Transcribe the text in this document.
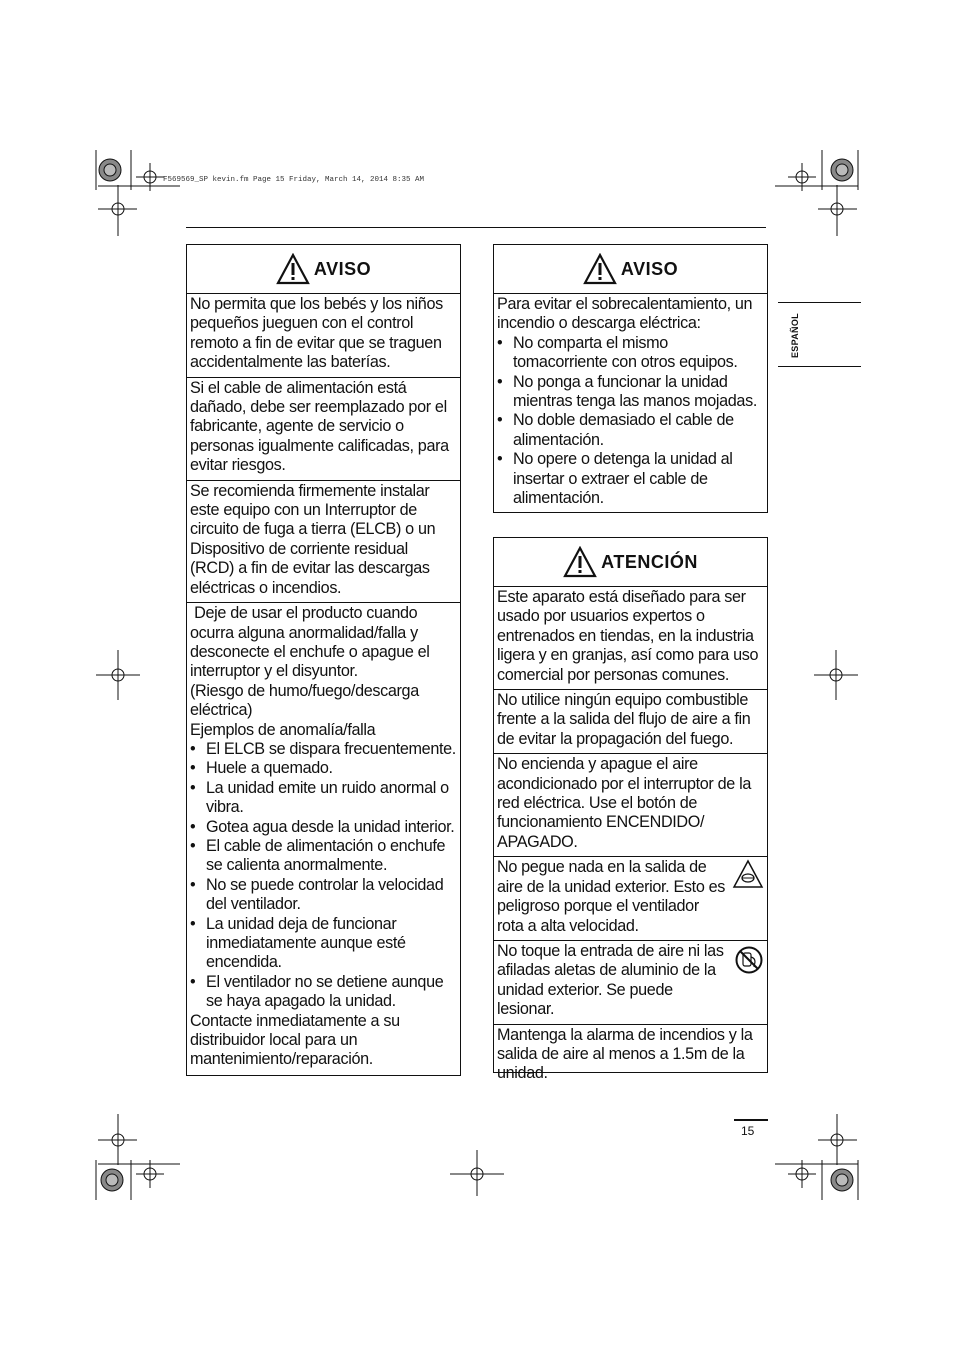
F569569_SP kevin.fm Page 15 Friday, March 14, 2014 8:35 AM
ESPAÑOL
AVISO

No permita que los bebés y los niños pequeños jueguen con el control remoto a fin de evitar que se traguen accidentalmente las baterías.

Si el cable de alimentación está dañado, debe ser reemplazado por el fabricante, agente de servicio o personas igualmente calificadas, para evitar riesgos.

Se recomienda firmemente instalar este equipo con un Interruptor de circuito de fuga a tierra (ELCB) o un Dispositivo de corriente residual (RCD) a fin de evitar las descargas eléctricas o incendios.

Deje de usar el producto cuando ocurra alguna anormalidad/falla y desconecte el enchufe o apague el interruptor y el disyuntor.

(Riesgo de humo/fuego/descarga eléctrica)

Ejemplos de anomalía/falla

• El ELCB se dispara frecuentemente.
• Huele a quemado.
• La unidad emite un ruido anormal o vibra.
• Gotea agua desde la unidad interior.
• El cable de alimentación o enchufe se calienta anormalmente.
• No se puede controlar la velocidad del ventilador.
• La unidad deja de funcionar inmediatamente aunque esté encendida.
• El ventilador no se detiene aunque se haya apagado la unidad.

Contacte inmediatamente a su distribuidor local para un mantenimiento/reparación.

AVISO

Para evitar el sobrecalentamiento, un incendio o descarga eléctrica:

• No comparta el mismo tomacorriente con otros equipos.
• No ponga a funcionar la unidad mientras tenga las manos mojadas.
• No doble demasiado el cable de alimentación.
• No opere o detenga la unidad al insertar o extraer el cable de alimentación.
ATENCIÓN

Este aparato está diseñado para ser usado por usuarios expertos o entrenados en tiendas, en la industria ligera y en granjas, así como para uso comercial por personas comunes.

No utilice ningún equipo combustible frente a la salida del flujo de aire a fin de evitar la propagación del fuego.

No encienda y apague el aire acondicionado por el interruptor de la red eléctrica. Use el botón de funcionamiento ENCENDIDO/ APAGADO.

No pegue nada en la salida de aire de la unidad exterior. Esto es peligroso porque el ventilador rota a alta velocidad.

No toque la entrada de aire ni las afiladas aletas de aluminio de la unidad exterior. Se puede lesionar.

Mantenga la alarma de incendios y la salida de aire al menos a 1.5m de la unidad.

15
